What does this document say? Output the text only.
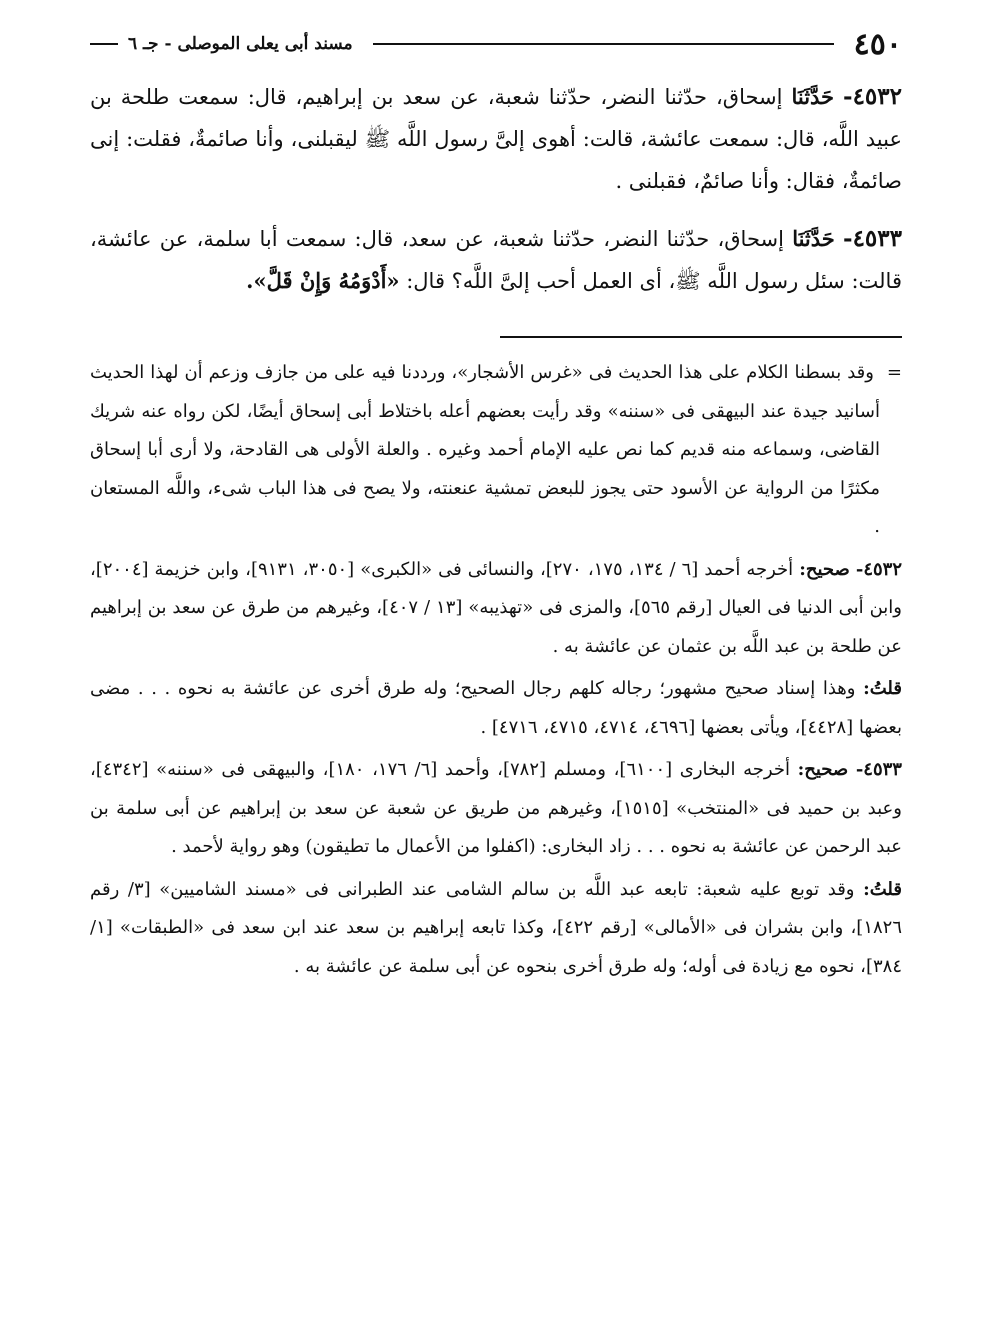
٤٥٠
مسند أبى يعلى الموصلى - جـ ٦

٤٥٣٢- حَدَّثَنَا إسحاق، حدّثنا النضر، حدّثنا شعبة، عن سعد بن إبراهيم، قال: سمعت طلحة بن عبيد اللَّه، قال: سمعت عائشة، قالت: أهوى إلىَّ رسول اللَّه ﷺ ليقبلنى، وأنا صائمةٌ، فقلت: إنى صائمةٌ، فقال: وأنا صائمٌ، فقبلنى .

٤٥٣٣- حَدَّثَنَا إسحاق، حدّثنا النضر، حدّثنا شعبة، عن سعد، قال: سمعت أبا سلمة، عن عائشة، قالت: سئل رسول اللَّه ﷺ، أى العمل أحب إلىَّ اللَّه؟ قال: «أَدْوَمُهُ وَإِنْ قَلَّ».

= وقد بسطنا الكلام على هذا الحديث فى «غرس الأشجار»، ورددنا فيه على من جازف وزعم أن لهذا الحديث أسانيد جيدة عند البيهقى فى «سننه» وقد رأيت بعضهم أعله باختلاط أبى إسحاق أيضًا، لكن رواه عنه شريك القاضى، وسماعه منه قديم كما نص عليه الإمام أحمد وغيره . والعلة الأولى هى القادحة، ولا أرى أبا إسحاق مكثرًا من الرواية عن الأسود حتى يجوز للبعض تمشية عنعنته، ولا يصح فى هذا الباب شىء، واللَّه المستعان .

٤٥٣٢- صحيح: أخرجه أحمد [٦ / ١٣٤، ١٧٥، ٢٧٠]، والنسائى فى «الكبرى» [٣٠٥٠، ٩١٣١]، وابن خزيمة [٢٠٠٤]، وابن أبى الدنيا فى العيال [رقم ٥٦٥]، والمزى فى «تهذيبه» [١٣ / ٤٠٧]، وغيرهم من طرق عن سعد بن إبراهيم عن طلحة بن عبد اللَّه بن عثمان عن عائشة به .

قلتُ: وهذا إسناد صحيح مشهور؛ رجاله كلهم رجال الصحيح؛ وله طرق أخرى عن عائشة به نحوه . . . مضى بعضها [٤٤٢٨]، ويأتى بعضها [٤٦٩٦، ٤٧١٤، ٤٧١٥، ٤٧١٦] .

٤٥٣٣- صحيح: أخرجه البخارى [٦١٠٠]، ومسلم [٧٨٢]، وأحمد [٦/ ١٧٦، ١٨٠]، والبيهقى فى «سننه» [٤٣٤٢]، وعبد بن حميد فى «المنتخب» [١٥١٥]، وغيرهم من طريق عن شعبة عن سعد بن إبراهيم عن أبى سلمة بن عبد الرحمن عن عائشة به نحوه . . . زاد البخارى: (اكفلوا من الأعمال ما تطيقون) وهو رواية لأحمد .

قلتُ: وقد توبع عليه شعبة: تابعه عبد اللَّه بن سالم الشامى عند الطبرانى فى «مسند الشاميين» [٣/ رقم ١٨٢٦]، وابن بشران فى «الأمالى» [رقم ٤٢٢]، وكذا تابعه إبراهيم بن سعد عند ابن سعد فى «الطبقات» [١/ ٣٨٤]، نحوه مع زيادة فى أوله؛ وله طرق أخرى بنحوه عن أبى سلمة عن عائشة به .
